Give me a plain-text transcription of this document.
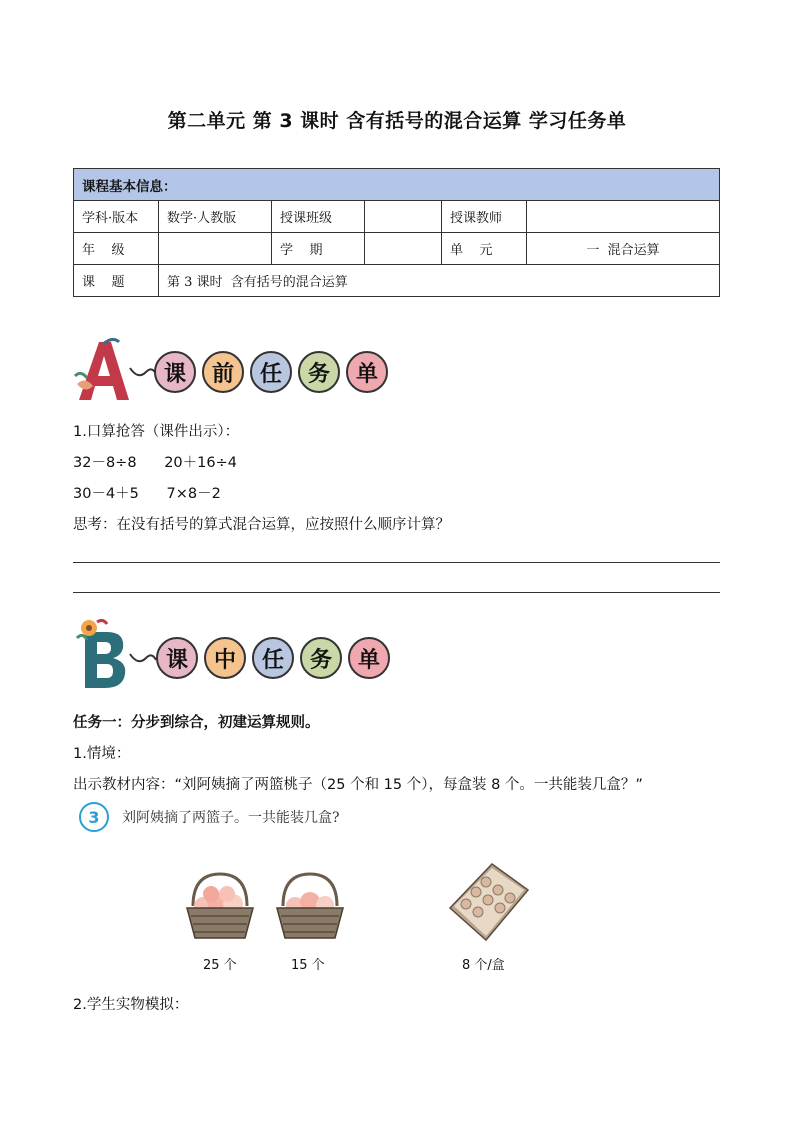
第二单元 第 3 课时 含有括号的混合运算 学习任务单
课程基本信息：					
学科·版本	数学·人教版	授课班级		授课教师	
年    级		学    期		单    元	一  混合运算
课    题	第 3 课时  含有括号的混合运算				
课	前	任	务	单
1.口算抢答（课件出示）：
32－8÷8      20＋16÷4
30－4＋5      7×8－2
思考：在没有括号的算式混合运算，应按照什么顺序计算？
课	中	任	务	单
任务一：分步到综合，初建运算规则。
1.情境：
出示教材内容：“刘阿姨摘了两篮桃子（25 个和 15 个），每盒装 8 个。一共能装几盒？”
3	刘阿姨摘了两篮子。一共能装几盒?
25 个	15 个	8 个/盒
2.学生实物模拟：
